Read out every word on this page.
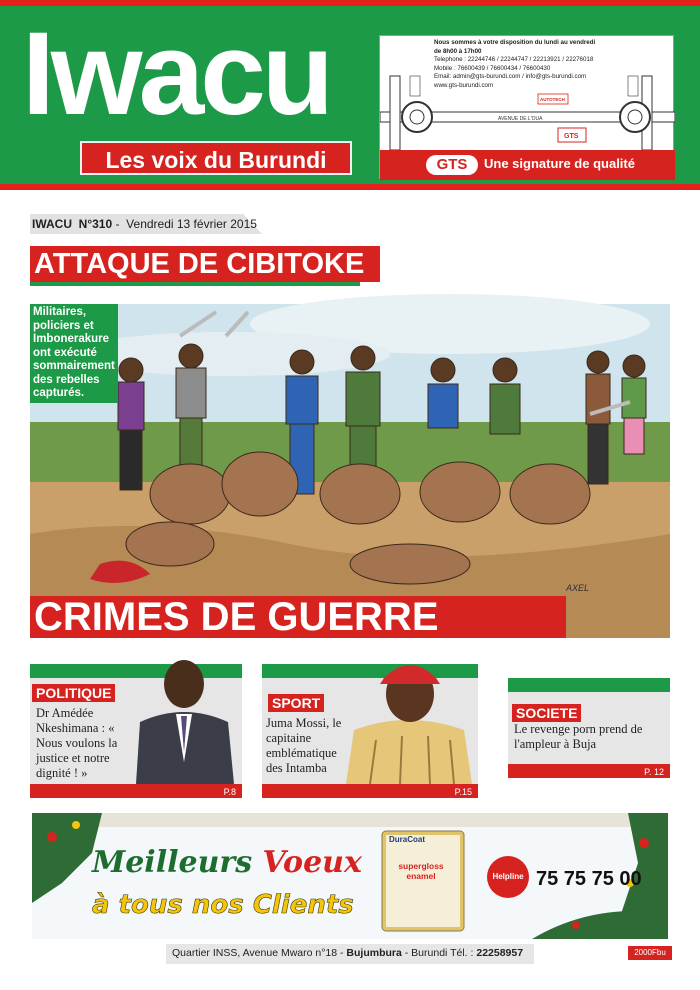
Iwacu
Les voix du Burundi
AVENUE DE L'OUA
AUTOTECH
GTS
Nous sommes à votre disposition du lundi au vendredi
de 8h00 à 17h00
Telephone : 22244746 / 22244747 / 22213921 / 22276018
Mobile : 76600439 / 76600434 / 76600430
Email: admin@gts-burundi.com / info@gts-burundi.com
www.gts-burundi.com
GTS	Une signature de qualité
IWACU N°310 -  Vendredi 13 février 2015
ATTAQUE DE CIBITOKE
Militaires, policiers et Imbonerakure ont exécuté sommairement des rebelles capturés.
CRIMES DE GUERRE
AXEL
POLITIQUE
Dr Amédée Nkeshimana : « Nous voulons la justice et notre dignité ! »
P.8
SPORT
Juma Mossi, le capitaine emblématique des Intamba
P.15
SOCIETE
Le revenge porn prend de l'ampleur à Buja
P. 12
Meilleurs Voeux
à tous nos Clients
DuraCoat
supergloss enamel	Helpline 75 75 75 00
Quartier INSS, Avenue Mwaro n°18 - Bujumbura - Burundi Tél. : 22258957	2000Fbu
